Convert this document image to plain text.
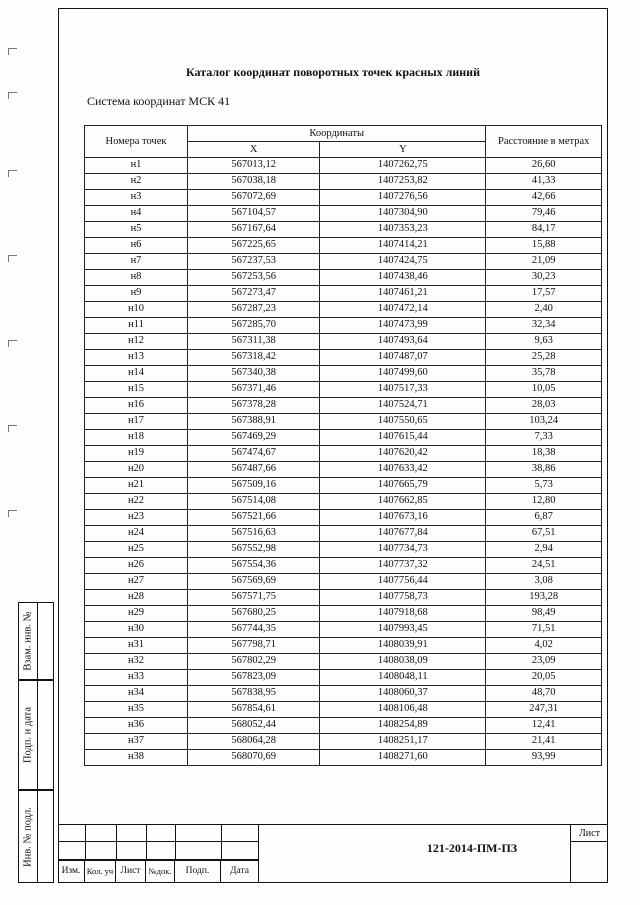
Каталог координат поворотных точек красных линий
Система координат МСК 41
Номера точек	Координаты		Расстояние в метрах
	X	Y	
н1	567013,12	1407262,75	26,60
н2	567038,18	1407253,82	41,33
н3	567072,69	1407276,56	42,66
н4	567104,57	1407304,90	79,46
н5	567167,64	1407353,23	84,17
н6	567225,65	1407414,21	15,88
н7	567237,53	1407424,75	21,09
н8	567253,56	1407438,46	30,23
н9	567273,47	1407461,21	17,57
н10	567287,23	1407472,14	2,40
н11	567285,70	1407473,99	32,34
н12	567311,38	1407493,64	9,63
н13	567318,42	1407487,07	25,28
н14	567340,38	1407499,60	35,78
н15	567371,46	1407517,33	10,05
н16	567378,28	1407524,71	28,03
н17	567388,91	1407550,65	103,24
н18	567469,29	1407615,44	7,33
н19	567474,67	1407620,42	18,38
н20	567487,66	1407633,42	38,86
н21	567509,16	1407665,79	5,73
н22	567514,08	1407662,85	12,80
н23	567521,66	1407673,16	6,87
н24	567516,63	1407677,84	67,51
н25	567552,98	1407734,73	2,94
н26	567554,36	1407737,32	24,51
н27	567569,69	1407756,44	3,08
н28	567571,75	1407758,73	193,28
н29	567680,25	1407918,68	98,49
н30	567744,35	1407993,45	71,51
н31	567798,71	1408039,91	4,02
н32	567802,29	1408038,09	23,09
н33	567823,09	1408048,11	20,05
н34	567838,95	1408060,37	48,70
н35	567854,61	1408106,48	247,31
н36	568052,44	1408254,89	12,41
н37	568064,28	1408251,17	21,41
н38	568070,69	1408271,60	93,99
Взам. инв. №
Подп. и дата
Инв. № подл.
Изм. Кол. уч Лист №док.	Подп.	Дата
121-2014-ПМ-ПЗ
Лист
